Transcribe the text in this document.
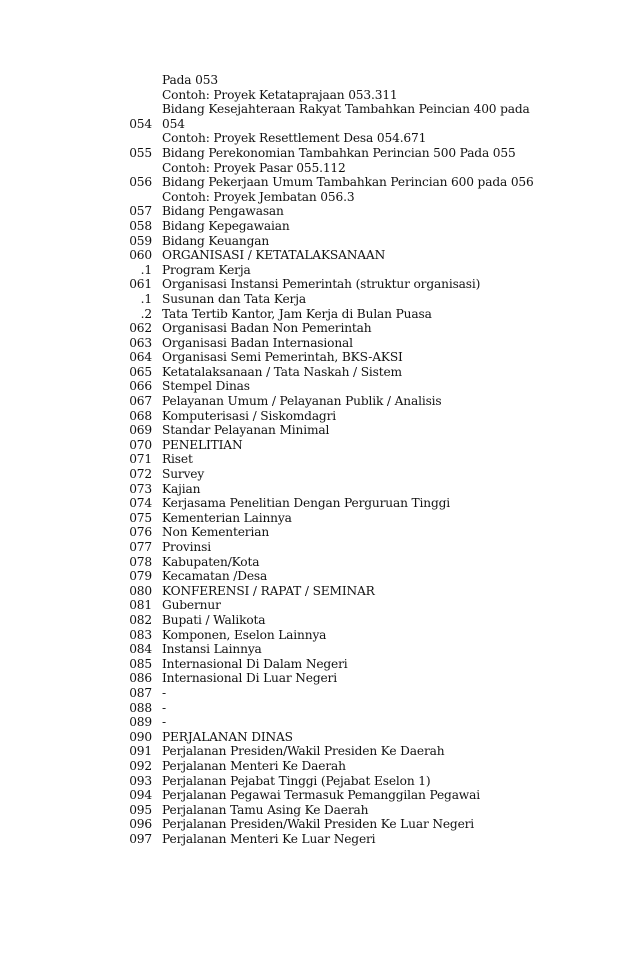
Pada 053
Contoh: Proyek Ketataprajaan 053.311
Bidang Kesejahteraan Rakyat Tambahkan Peincian 400 pada
054 054
Contoh: Proyek Resettlement Desa 054.671
055 Bidang Perekonomian Tambahkan Perincian 500 Pada 055
Contoh: Proyek Pasar 055.112
056 Bidang Pekerjaan Umum Tambahkan Perincian 600 pada 056
Contoh: Proyek Jembatan 056.3
057 Bidang Pengawasan
058 Bidang Kepegawaian
059 Bidang Keuangan
060 ORGANISASI / KETATALAKSANAAN
.1 Program Kerja
061 Organisasi Instansi Pemerintah (struktur organisasi)
.1 Susunan dan Tata Kerja
.2 Tata Tertib Kantor, Jam Kerja di Bulan Puasa
062 Organisasi Badan Non Pemerintah
063 Organisasi Badan Internasional
064 Organisasi Semi Pemerintah, BKS-AKSI
065 Ketatalaksanaan / Tata Naskah / Sistem
066 Stempel Dinas
067 Pelayanan Umum / Pelayanan Publik / Analisis
068 Komputerisasi / Siskomdagri
069 Standar Pelayanan Minimal
070 PENELITIAN
071 Riset
072 Survey
073 Kajian
074 Kerjasama Penelitian Dengan Perguruan Tinggi
075 Kementerian Lainnya
076 Non Kementerian
077 Provinsi
078 Kabupaten/Kota
079 Kecamatan /Desa
080 KONFERENSI / RAPAT / SEMINAR
081 Gubernur
082 Bupati / Walikota
083 Komponen, Eselon Lainnya
084 Instansi Lainnya
085 Internasional Di Dalam Negeri
086 Internasional Di Luar Negeri
087 -
088 -
089 -
090 PERJALANAN DINAS
091 Perjalanan Presiden/Wakil Presiden Ke Daerah
092 Perjalanan Menteri Ke Daerah
093 Perjalanan Pejabat Tinggi (Pejabat Eselon 1)
094 Perjalanan Pegawai Termasuk Pemanggilan Pegawai
095 Perjalanan Tamu Asing Ke Daerah
096 Perjalanan Presiden/Wakil Presiden Ke Luar Negeri
097 Perjalanan Menteri Ke Luar Negeri
